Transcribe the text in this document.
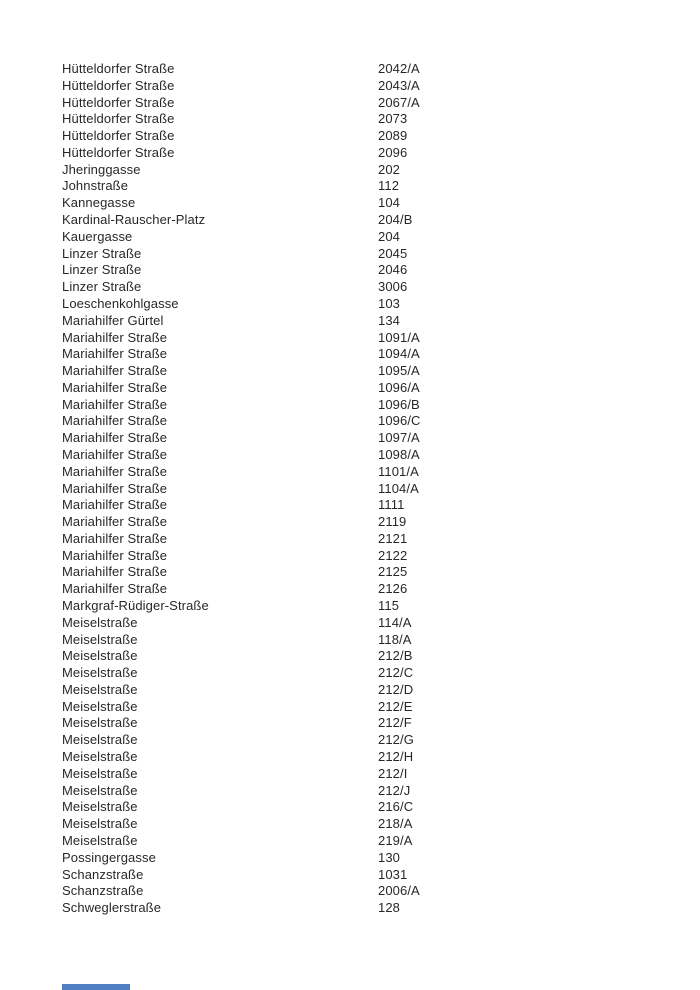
Hütteldorfer Straße	2042/A
Hütteldorfer Straße	2043/A
Hütteldorfer Straße	2067/A
Hütteldorfer Straße	2073
Hütteldorfer Straße	2089
Hütteldorfer Straße	2096
Jheringgasse	202
Johnstraße	112
Kannegasse	104
Kardinal-Rauscher-Platz	204/B
Kauergasse	204
Linzer Straße	2045
Linzer Straße	2046
Linzer Straße	3006
Loeschenkohlgasse	103
Mariahilfer Gürtel	134
Mariahilfer Straße	1091/A
Mariahilfer Straße	1094/A
Mariahilfer Straße	1095/A
Mariahilfer Straße	1096/A
Mariahilfer Straße	1096/B
Mariahilfer Straße	1096/C
Mariahilfer Straße	1097/A
Mariahilfer Straße	1098/A
Mariahilfer Straße	1101/A
Mariahilfer Straße	1104/A
Mariahilfer Straße	1111
Mariahilfer Straße	2119
Mariahilfer Straße	2121
Mariahilfer Straße	2122
Mariahilfer Straße	2125
Mariahilfer Straße	2126
Markgraf-Rüdiger-Straße	115
Meiselstraße	114/A
Meiselstraße	118/A
Meiselstraße	212/B
Meiselstraße	212/C
Meiselstraße	212/D
Meiselstraße	212/E
Meiselstraße	212/F
Meiselstraße	212/G
Meiselstraße	212/H
Meiselstraße	212/I
Meiselstraße	212/J
Meiselstraße	216/C
Meiselstraße	218/A
Meiselstraße	219/A
Possingergasse	130
Schanzstraße	1031
Schanzstraße	2006/A
Schweglerstraße	128
